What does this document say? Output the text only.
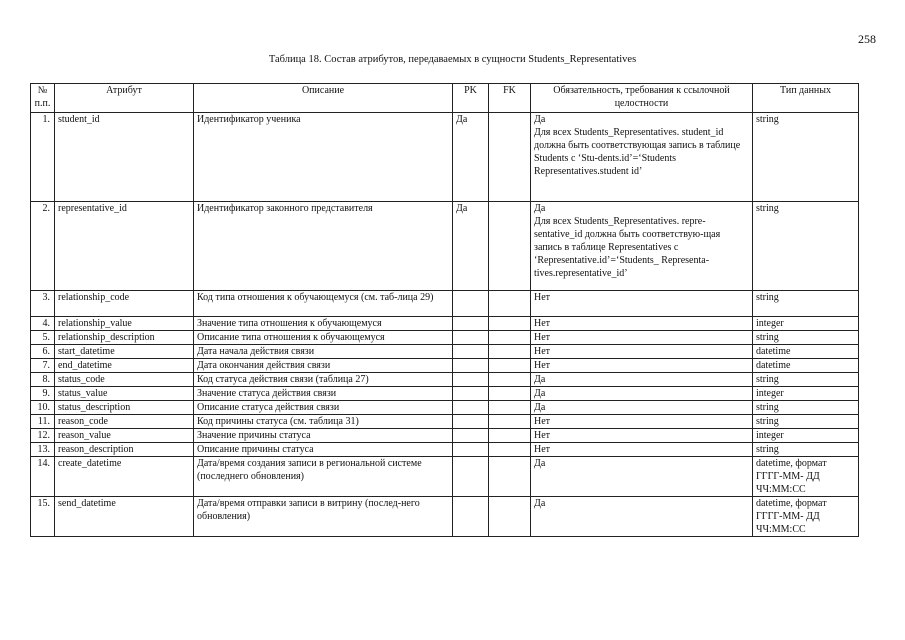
258
Таблица 18. Состав атрибутов, передаваемых в сущности Students_Representatives
№ п.п.	Атрибут	Описание	PK	FK	Обязательность, требования к ссылочной целостности	Тип данных
1.	student_id	Идентификатор ученика	Да		Да
Для всех Students_Representatives. student_id должна быть соответствующая запись в таблице Students с ‘Stu-dents.id’=‘Students Representatives.student id’	string
2.	representative_id	Идентификатор законного представителя	Да		Да
Для всех Students_Representatives. repre-sentative_id должна быть соответствую-щая запись в таблице Representatives с ‘Representative.id’=‘Students_ Representa-tives.representative_id’	string
3.	relationship_code	Код типа отношения к обучающемуся (см. таб-лица 29)			Нет	string
4.	relationship_value	Значение типа отношения к обучающемуся			Нет	integer
5.	relationship_description	Описание типа отношения к обучающемуся			Нет	string
6.	start_datetime	Дата начала действия связи			Нет	datetime
7.	end_datetime	Дата окончания действия связи			Нет	datetime
8.	status_code	Код статуса действия связи (таблица 27)			Да	string
9.	status_value	Значение статуса действия связи			Да	integer
10.	status_description	Описание статуса действия связи			Да	string
11.	reason_code	Код причины статуса (см. таблица 31)			Нет	string
12.	reason_value	Значение причины статуса			Нет	integer
13.	reason_description	Описание причины статуса			Нет	string
14.	create_datetime	Дата/время создания записи в региональной системе (последнего обновления)			Да	datetime, формат ГГГГ-ММ- ДД ЧЧ:ММ:СС
15.	send_datetime	Дата/время отправки записи в витрину (послед-него обновления)			Да	datetime, формат ГГГГ-ММ- ДД ЧЧ:ММ:СС
